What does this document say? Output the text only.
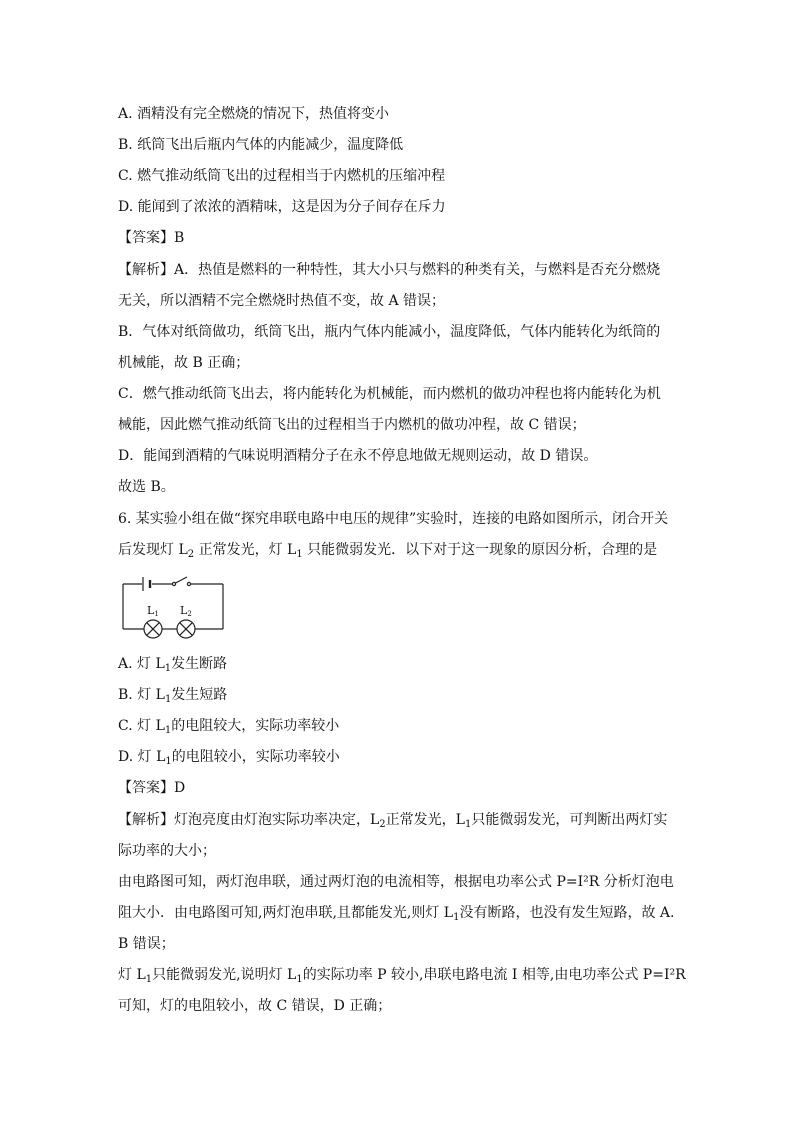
A. 酒精没有完全燃烧的情况下，热值将变小
B. 纸筒飞出后瓶内气体的内能减少，温度降低
C. 燃气推动纸筒飞出的过程相当于内燃机的压缩冲程
D. 能闻到了浓浓的酒精味，这是因为分子间存在斥力
【答案】B
【解析】A．热值是燃料的一种特性，其大小只与燃料的种类有关，与燃料是否充分燃烧
无关，所以酒精不完全燃烧时热值不变，故 A 错误；
B．气体对纸筒做功，纸筒飞出，瓶内气体内能减小，温度降低，气体内能转化为纸筒的
机械能，故 B 正确；
C．燃气推动纸筒飞出去，将内能转化为机械能，而内燃机的做功冲程也将内能转化为机
械能，因此燃气推动纸筒飞出的过程相当于内燃机的做功冲程，故 C 错误；
D．能闻到酒精的气味说明酒精分子在永不停息地做无规则运动，故 D 错误。
故选 B。
6. 某实验小组在做“探究串联电路中电压的规律”实验时，连接的电路如图所示，闭合开关
后发现灯 $L_2$ 正常发光，灯 $L_1$ 只能微弱发光．以下对于这一现象的原因分析，合理的是
L1 L2
A. 灯 $L_1$发生断路
B. 灯 $L_1$发生短路
C. 灯 $L_1$的电阻较大，实际功率较小
D. 灯 $L_1$的电阻较小，实际功率较小
【答案】D
【解析】灯泡亮度由灯泡实际功率决定，$L_2$正常发光，$L_1$只能微弱发光，可判断出两灯实
际功率的大小；
由电路图可知，两灯泡串联，通过两灯泡的电流相等，根据电功率公式 P=I²R 分析灯泡电
阻大小．由电路图可知,两灯泡串联,且都能发光,则灯 $L_1$没有断路，也没有发生短路，故 A.
B 错误；
灯 $L_1$只能微弱发光,说明灯 $L_1$的实际功率 P 较小,串联电路电流 I 相等,由电功率公式 P=I²R
可知，灯的电阻较小，故 C 错误，D 正确；
